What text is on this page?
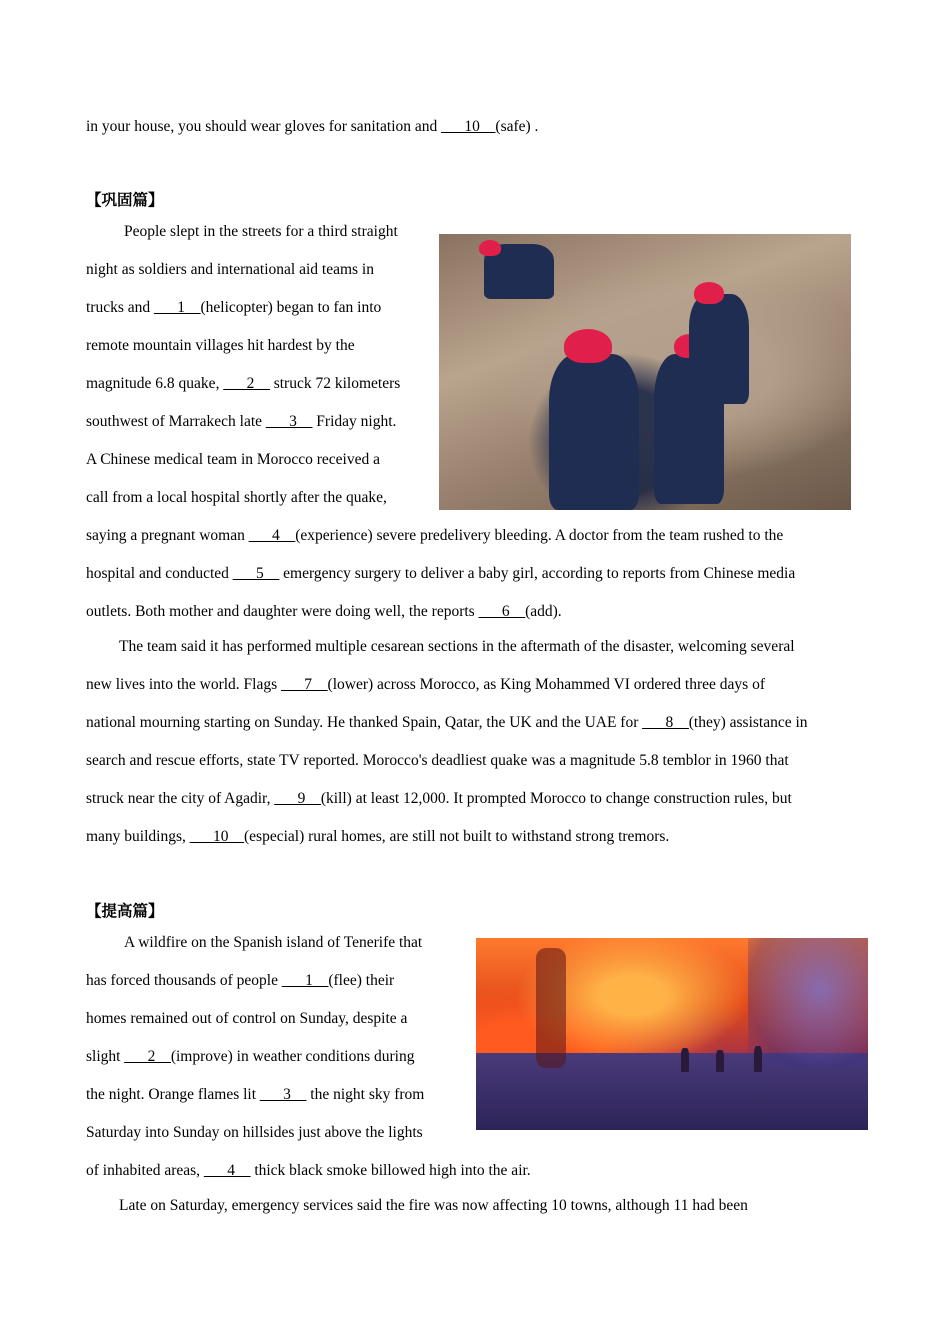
in your house, you should wear gloves for sanitation and ___10__(safe) .
【巩固篇】
People slept in the streets for a third straight
night as soldiers and international aid teams in
trucks and ___1__(helicopter) began to fan into
remote mountain villages hit hardest by the
magnitude 6.8 quake, ___2__ struck 72 kilometers
southwest of Marrakech late ___3__ Friday night.
A Chinese medical team in Morocco received a
call from a local hospital shortly after the quake,
saying a pregnant woman ___4__(experience) severe predelivery bleeding. A doctor from the team rushed to the
hospital and conducted ___5__ emergency surgery to deliver a baby girl, according to reports from Chinese media
outlets. Both mother and daughter were doing well, the reports ___6__(add).
The team said it has performed multiple cesarean sections in the aftermath of the disaster, welcoming several
new lives into the world. Flags ___7__(lower) across Morocco, as King Mohammed VI ordered three days of
national mourning starting on Sunday. He thanked Spain, Qatar, the UK and the UAE for ___8__(they) assistance in
search and rescue efforts, state TV reported. Morocco's deadliest quake was a magnitude 5.8 temblor in 1960 that
struck near the city of Agadir, ___9__(kill) at least 12,000. It prompted Morocco to change construction rules, but
many buildings, ___10__(especial) rural homes, are still not built to withstand strong tremors.
【提高篇】
A wildfire on the Spanish island of Tenerife that
has forced thousands of people ___1__(flee) their
homes remained out of control on Sunday, despite a
slight ___2__(improve) in weather conditions during
the night. Orange flames lit ___3__ the night sky from
Saturday into Sunday on hillsides just above the lights
of inhabited areas, ___4__ thick black smoke billowed high into the air.
Late on Saturday, emergency services said the fire was now affecting 10 towns, although 11 had been
